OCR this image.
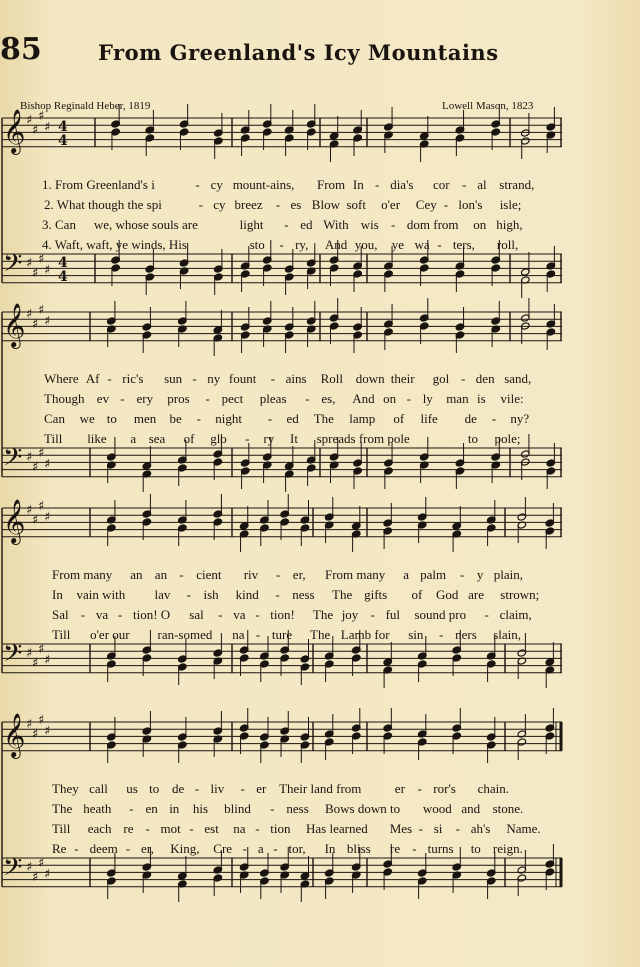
85	From Greenland's Icy Mountains
Bishop Reginald Heber, 1819	Lowell Mason, 1823
𝄞 ♯
♯
♯
♯ 4
4
𝄢 ♯
♯
♯
♯ 4
4
1. From Greenland's i	- cy mount-ains, From In - dia's cor - al strand,
2. What though the spi	- cy breez - es Blow soft o'er Cey - lon's isle;
3. Can we, whose souls are	light - ed With wis - dom from on high,
4. Waft, waft, ye winds, His	sto - ry, And you, ye wa - ters, roll,
𝄞 ♯
♯
♯
♯
𝄢 ♯
♯
♯
♯
Where Af - ric's sun - ny fount - ains Roll down their gol - den sand,
Though ev - ery pros - pect pleas - es, And on - ly man is vile:
Can we to men be - night - ed The lamp of life de - ny?
Till like a sea of glo - ry It spreads from pole	to pole;
𝄞 ♯
♯
♯
♯
𝄢 ♯
♯
♯
♯
From many an an - cient riv - er, From many a palm - y plain,
In vain with lav - ish kind - ness The gifts of God are strown;
Sal - va - tion! O sal - va - tion! The joy - ful sound pro - claim,
Till o'er our ran-somed na - ture The Lamb for sin - ners slain,
𝄞 ♯
♯
♯
♯
𝄢 ♯
♯
♯
♯
They call us to de - liv - er Their land from	er - ror's chain.
The heath - en in his blind - ness Bows down to wood and stone.
Till each re - mot - est na - tion Has learned Mes - si - ah's Name.
Re - deem - er, King, Cre - a - tor, In bliss re - turns to reign.
